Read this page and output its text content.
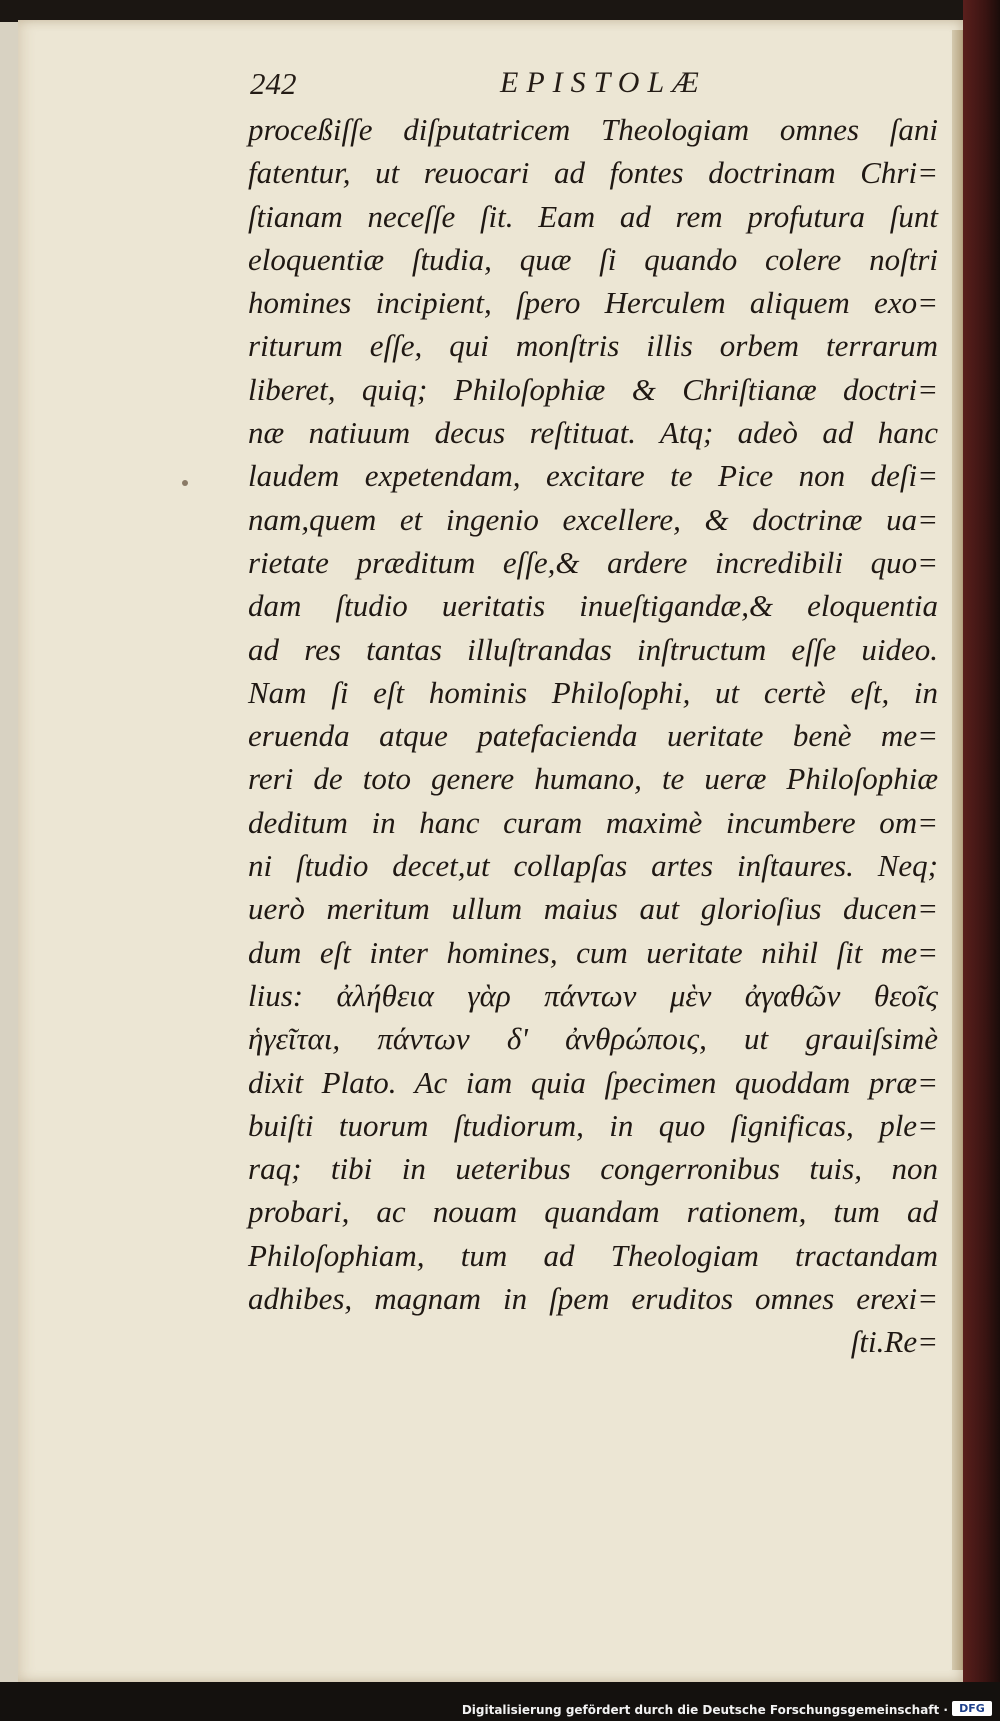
242	EPISTOLÆ
proceßiſſe diſputatricem Theologiam omnes ſani
fatentur, ut reuocari ad fontes doctrinam Chri=
ſtianam neceſſe ſit. Eam ad rem profutura ſunt
eloquentiæ ſtudia, quæ ſi quando colere noſtri
homines incipient, ſpero Herculem aliquem exo=
riturum eſſe, qui monſtris illis orbem terrarum
liberet, quiq; Philoſophiæ & Chriſtianæ doctri=
næ natiuum decus reſtituat. Atq; adeò ad hanc
laudem expetendam, excitare te Pice non deſi=
nam,quem et ingenio excellere, & doctrinæ ua=
rietate præditum eſſe,& ardere incredibili quo=
dam ſtudio ueritatis inueſtigandæ,& eloquentia
ad res tantas illuſtrandas inſtructum eſſe uideo.
Nam ſi eſt hominis Philoſophi, ut certè eſt, in
eruenda atque patefacienda ueritate benè me=
reri de toto genere humano, te ueræ Philoſophiæ
deditum in hanc curam maximè incumbere om=
ni ſtudio decet,ut collapſas artes inſtaures. Neq;
uerò meritum ullum maius aut glorioſius ducen=
dum eſt inter homines, cum ueritate nihil ſit me=
lius: ἀλήθεια γὰρ πάντων μὲν ἀγαθῶν θεοῖς
ἡγεῖται, πάντων δ' ἀνθρώποις, ut grauiſsimè
dixit Plato. Ac iam quia ſpecimen quoddam præ=
buiſti tuorum ſtudiorum, in quo ſignificas, ple=
raq; tibi in ueteribus congerronibus tuis, non
probari, ac nouam quandam rationem, tum ad
Philoſophiam, tum ad Theologiam tractandam
adhibes, magnam in ſpem eruditos omnes erexi=
ſti.Re=
Digitalisierung gefördert durch die Deutsche Forschungsgemeinschaft ·	DFG
